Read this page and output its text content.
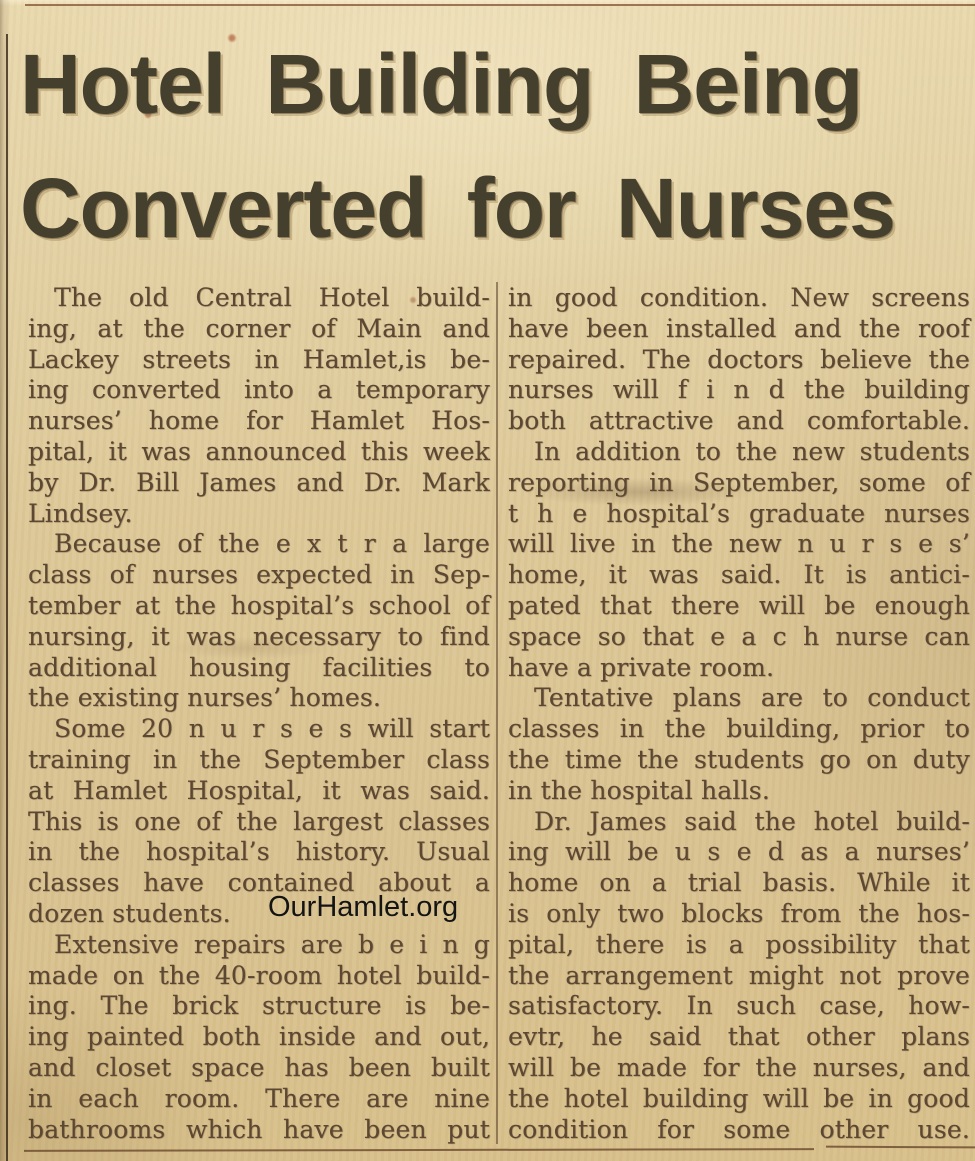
Hotel Building Being
Converted for Nurses
The old Central Hotel build-
ing, at the corner of Main and
Lackey streets in Hamlet,is be-
ing converted into a temporary
nurses’ home for Hamlet Hos-
pital, it was announced this week
by Dr. Bill James and Dr. Mark
Lindsey.
Because of the e x t r a large
class of nurses expected in Sep-
tember at the hospital’s school of
nursing, it was necessary to find
additional housing facilities to
the existing nurses’ homes.
Some 20 n u r s e s will start
training in the September class
at Hamlet Hospital, it was said.
This is one of the largest classes
in the hospital’s history. Usual
classes have contained about a
dozen students.
Extensive repairs are b e i n g
made on the 40-room hotel build-
ing. The brick structure is be-
ing painted both inside and out,
and closet space has been built
in each room. There are nine
bathrooms which have been put
in good condition. New screens
have been installed and the roof
repaired. The doctors believe the
nurses will f i n d the building
both attractive and comfortable.
In addition to the new students
reporting in September, some of
t h e hospital’s graduate nurses
will live in the new n u r s e s’
home, it was said. It is antici-
pated that there will be enough
space so that e a c h nurse can
have a private room.
Tentative plans are to conduct
classes in the building, prior to
the time the students go on duty
in the hospital halls.
Dr. James said the hotel build-
ing will be u s e d as a nurses’
home on a trial basis. While it
is only two blocks from the hos-
pital, there is a possibility that
the arrangement might not prove
satisfactory. In such case, how-
evtr, he said that other plans
will be made for the nurses, and
the hotel building will be in good
condition for some other use.
OurHamlet.org
